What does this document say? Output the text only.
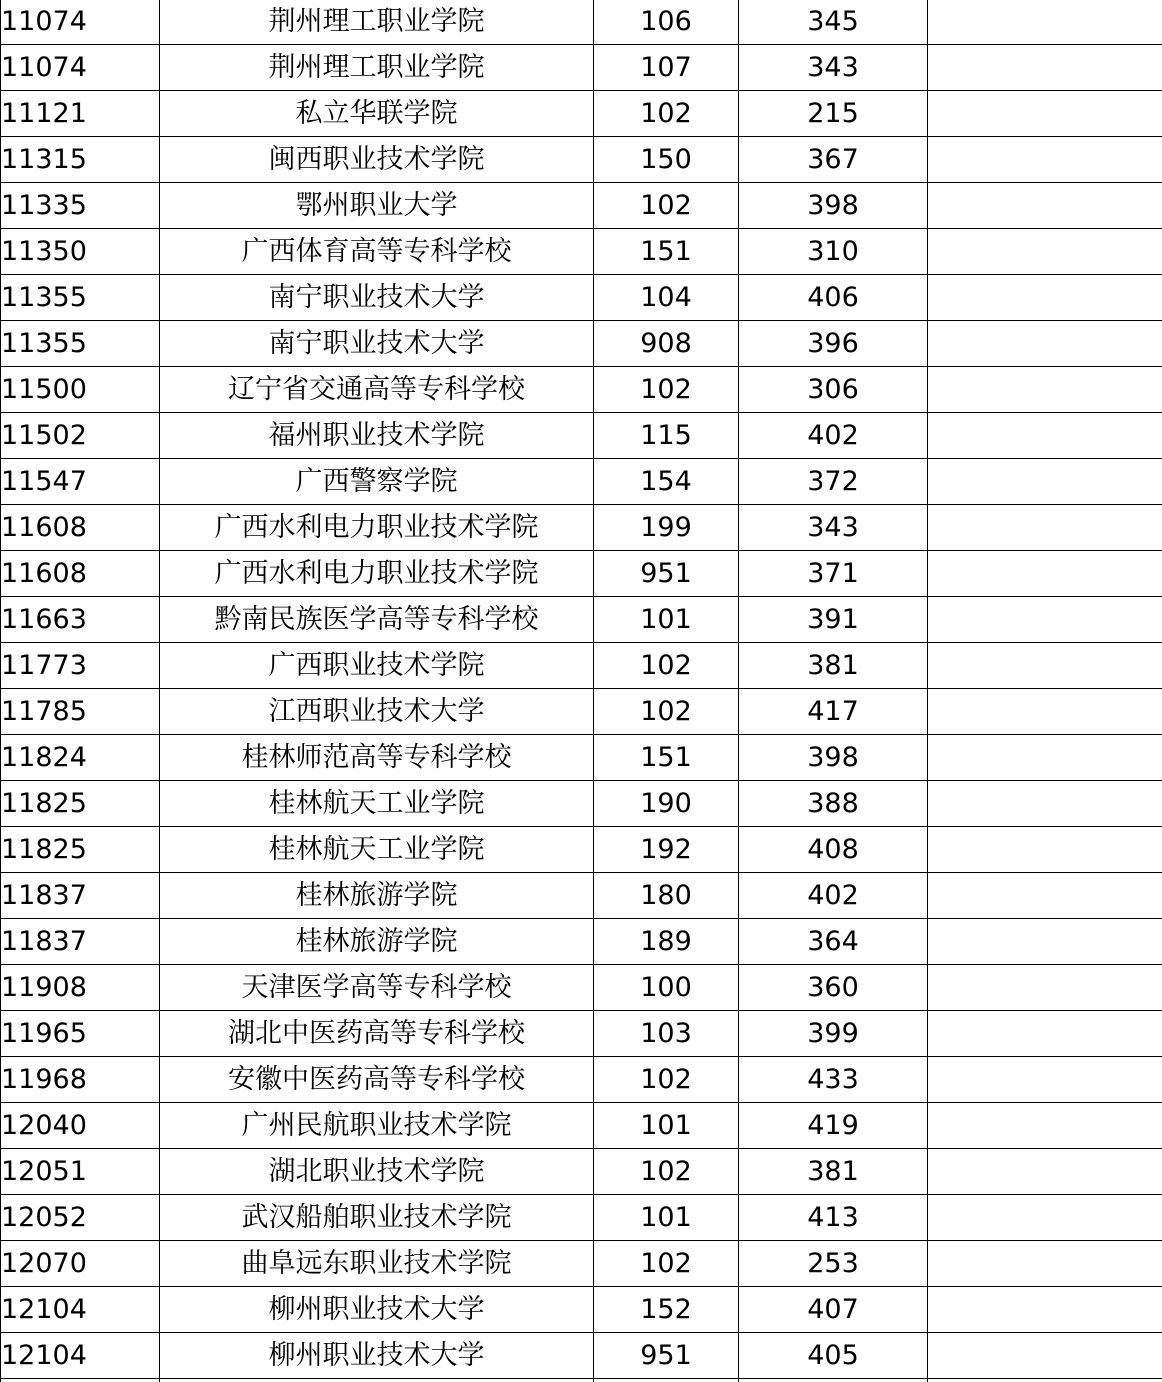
11074	荆州理工职业学院	106	345	
11074	荆州理工职业学院	107	343	
11121	私立华联学院	102	215	
11315	闽西职业技术学院	150	367	
11335	鄂州职业大学	102	398	
11350	广西体育高等专科学校	151	310	
11355	南宁职业技术大学	104	406	
11355	南宁职业技术大学	908	396	
11500	辽宁省交通高等专科学校	102	306	
11502	福州职业技术学院	115	402	
11547	广西警察学院	154	372	
11608	广西水利电力职业技术学院	199	343	
11608	广西水利电力职业技术学院	951	371	
11663	黔南民族医学高等专科学校	101	391	
11773	广西职业技术学院	102	381	
11785	江西职业技术大学	102	417	
11824	桂林师范高等专科学校	151	398	
11825	桂林航天工业学院	190	388	
11825	桂林航天工业学院	192	408	
11837	桂林旅游学院	180	402	
11837	桂林旅游学院	189	364	
11908	天津医学高等专科学校	100	360	
11965	湖北中医药高等专科学校	103	399	
11968	安徽中医药高等专科学校	102	433	
12040	广州民航职业技术学院	101	419	
12051	湖北职业技术学院	102	381	
12052	武汉船舶职业技术学院	101	413	
12070	曲阜远东职业技术学院	102	253	
12104	柳州职业技术大学	152	407	
12104	柳州职业技术大学	951	405	
